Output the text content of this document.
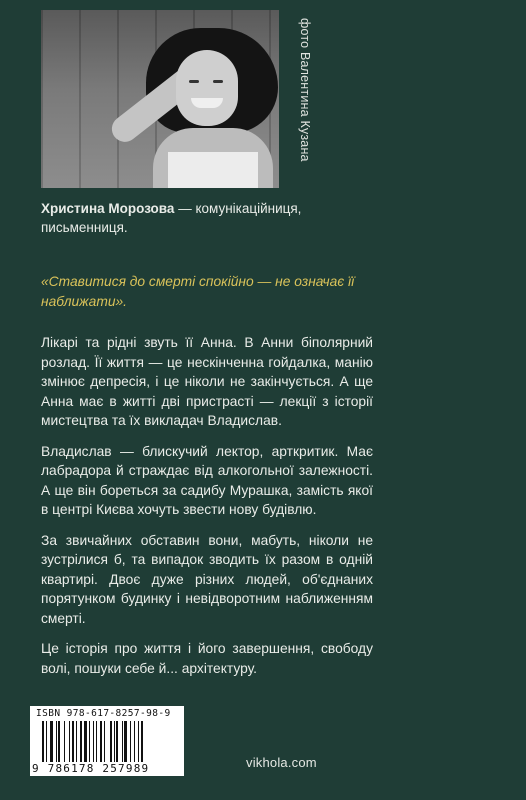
фото Валентина Кузана
Христина Морозова — комунікаційниця,
письменниця.
«Ставитися до смерті спокійно — не означає її наближати».

Лікарі та рідні звуть її Анна. В Анни біполярний розлад. Її життя — це нескінченна гойдалка, манію змінює депресія, і це ніколи не закінчується. А ще Анна має в житті дві пристрасті — лекції з історії мистецтва та їх викладач Владислав.

Владислав — блискучий лектор, арткритик. Має лабрадора й страждає від алкогольної залежності. А ще він бореться за садибу Мурашка, замість якої в центрі Києва хочуть звести нову будівлю.

За звичайних обставин вони, мабуть, ніколи не зустрілися б, та випадок зводить їх разом в одній квартирі. Двоє дуже різних людей, об'єднаних порятунком будинку і невідворотним наближенням смерті.

Це історія про життя і його завершення, свободу волі, пошуки себе й... архітектуру.

ISBN 978-617-8257-98-9
9 786178 257989	vikhola.com
